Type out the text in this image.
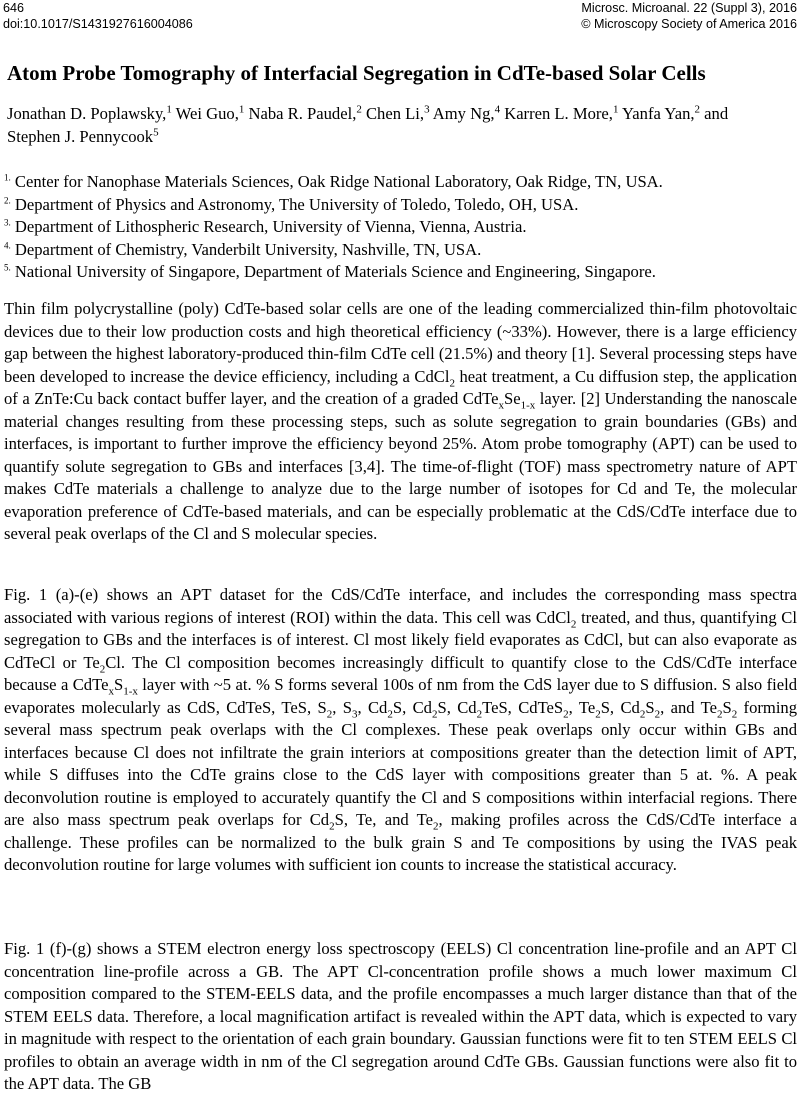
646
doi:10.1017/S1431927616004086
Microsc. Microanal. 22 (Suppl 3), 2016
© Microscopy Society of America 2016
Atom Probe Tomography of Interfacial Segregation in CdTe-based Solar Cells

Jonathan D. Poplawsky,$^1$ Wei Guo,$^1$ Naba R. Paudel,$^2$ Chen Li,$^3$ Amy Ng,$^4$ Karren L. More,$^1$ Yanfa Yan,$^2$ and Stephen J. Pennycook$^5$

$^{1.}$ Center for Nanophase Materials Sciences, Oak Ridge National Laboratory, Oak Ridge, TN, USA.
$^{2.}$ Department of Physics and Astronomy, The University of Toledo, Toledo, OH, USA.
$^{3.}$ Department of Lithospheric Research, University of Vienna, Vienna, Austria.
$^{4.}$ Department of Chemistry, Vanderbilt University, Nashville, TN, USA.
$^{5.}$ National University of Singapore, Department of Materials Science and Engineering, Singapore.

Thin film polycrystalline (poly) CdTe-based solar cells are one of the leading commercialized thin-film photovoltaic devices due to their low production costs and high theoretical efficiency (~33%). However, there is a large efficiency gap between the highest laboratory-produced thin-film CdTe cell (21.5%) and theory [1]. Several processing steps have been developed to increase the device efficiency, including a CdCl$_2$ heat treatment, a Cu diffusion step, the application of a ZnTe:Cu back contact buffer layer, and the creation of a graded $CdTe_xSe_{1-x}$ layer. [2] Understanding the nanoscale material changes resulting from these processing steps, such as solute segregation to grain boundaries (GBs) and interfaces, is important to further improve the efficiency beyond 25%. Atom probe tomography (APT) can be used to quantify solute segregation to GBs and interfaces [3,4]. The time-of-flight (TOF) mass spectrometry nature of APT makes CdTe materials a challenge to analyze due to the large number of isotopes for Cd and Te, the molecular evaporation preference of CdTe-based materials, and can be especially problematic at the CdS/CdTe interface due to several peak overlaps of the Cl and S molecular species.

Fig. 1 (a)-(e) shows an APT dataset for the CdS/CdTe interface, and includes the corresponding mass spectra associated with various regions of interest (ROI) within the data. This cell was CdCl$_2$ treated, and thus, quantifying Cl segregation to GBs and the interfaces is of interest. Cl most likely field evaporates as CdCl, but can also evaporate as CdTeCl or $Te_2Cl$. The Cl composition becomes increasingly difficult to quantify close to the CdS/CdTe interface because a $CdTe_xS_{1-x}$ layer with ~5 at. % S forms several 100s of nm from the CdS layer due to S diffusion. S also field evaporates molecularly as CdS, CdTeS, TeS, $S_2$, $S_3$, $Cd_2S$, $Cd_2S$, $Cd_2TeS$, CdTeS$_2$, $Te_2S$, $Cd_2S_2$, and $Te_2S_2$ forming several mass spectrum peak overlaps with the Cl complexes. These peak overlaps only occur within GBs and interfaces because Cl does not infiltrate the grain interiors at compositions greater than the detection limit of APT, while S diffuses into the CdTe grains close to the CdS layer with compositions greater than 5 at. %. A peak deconvolution routine is employed to accurately quantify the Cl and S compositions within interfacial regions. There are also mass spectrum peak overlaps for $Cd_2S$, Te, and $Te_2$, making profiles across the CdS/CdTe interface a challenge. These profiles can be normalized to the bulk grain S and Te compositions by using the IVAS peak deconvolution routine for large volumes with sufficient ion counts to increase the statistical accuracy.

Fig. 1 (f)-(g) shows a STEM electron energy loss spectroscopy (EELS) Cl concentration line-profile and an APT Cl concentration line-profile across a GB. The APT Cl-concentration profile shows a much lower maximum Cl composition compared to the STEM-EELS data, and the profile encompasses a much larger distance than that of the STEM EELS data. Therefore, a local magnification artifact is revealed within the APT data, which is expected to vary in magnitude with respect to the orientation of each grain boundary. Gaussian functions were fit to ten STEM EELS Cl profiles to obtain an average width in nm of the Cl segregation around CdTe GBs. Gaussian functions were also fit to the APT data. The GB
